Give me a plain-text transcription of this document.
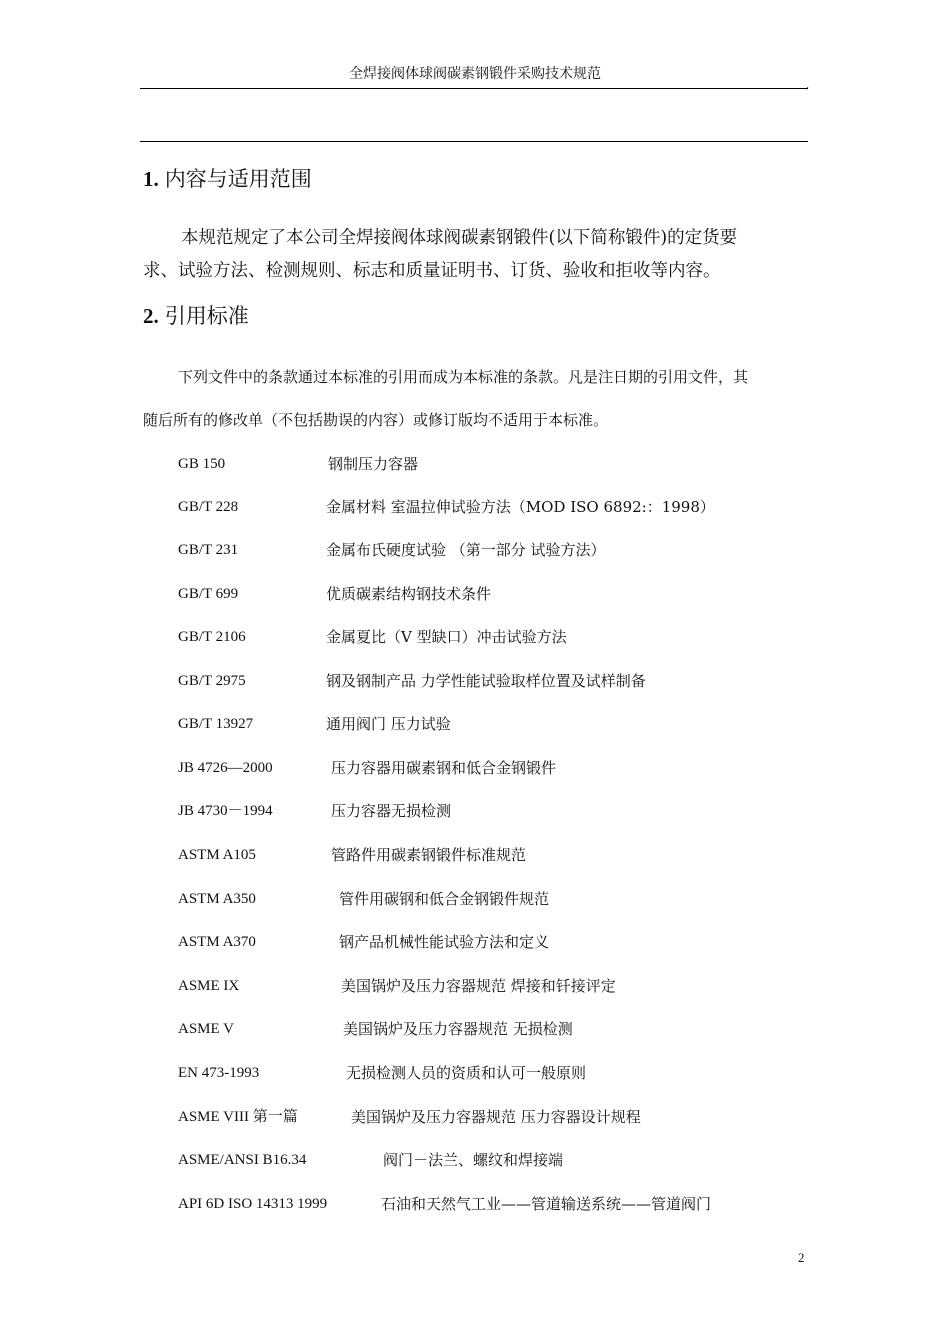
全焊接阀体球阀碳素钢锻件采购技术规范
,
1. 内容与适用范围
本规范规定了本公司全焊接阀体球阀碳素钢锻件(以下简称锻件)的定货要
求、试验方法、检测规则、标志和质量证明书、订货、验收和拒收等内容。
2. 引用标准
下列文件中的条款通过本标准的引用而成为本标准的条款。凡是注日期的引用文件，其
随后所有的修改单（不包括勘误的内容）或修订版均不适用于本标准。
GB 150	钢制压力容器
GB/T 228	金属材料 室温拉伸试验方法（MOD ISO 6892:：1998）
GB/T 231	金属布氏硬度试验 （第一部分 试验方法）
GB/T 699	优质碳素结构钢技术条件
GB/T 2106	金属夏比（V 型缺口）冲击试验方法
GB/T 2975	钢及钢制产品 力学性能试验取样位置及试样制备
GB/T 13927	通用阀门 压力试验
JB 4726—2000	压力容器用碳素钢和低合金钢锻件
JB 4730－1994	压力容器无损检测
ASTM A105	管路件用碳素钢锻件标准规范
ASTM A350	管件用碳钢和低合金钢锻件规范
ASTM A370	钢产品机械性能试验方法和定义
ASME IX	美国锅炉及压力容器规范 焊接和钎接评定
ASME V	美国锅炉及压力容器规范 无损检测
EN 473-1993	无损检测人员的资质和认可一般原则
ASME VIII 第一篇	美国锅炉及压力容器规范 压力容器设计规程
ASME/ANSI B16.34	阀门－法兰、螺纹和焊接端
API 6D ISO 14313 1999	石油和天然气工业——管道输送系统——管道阀门
2
